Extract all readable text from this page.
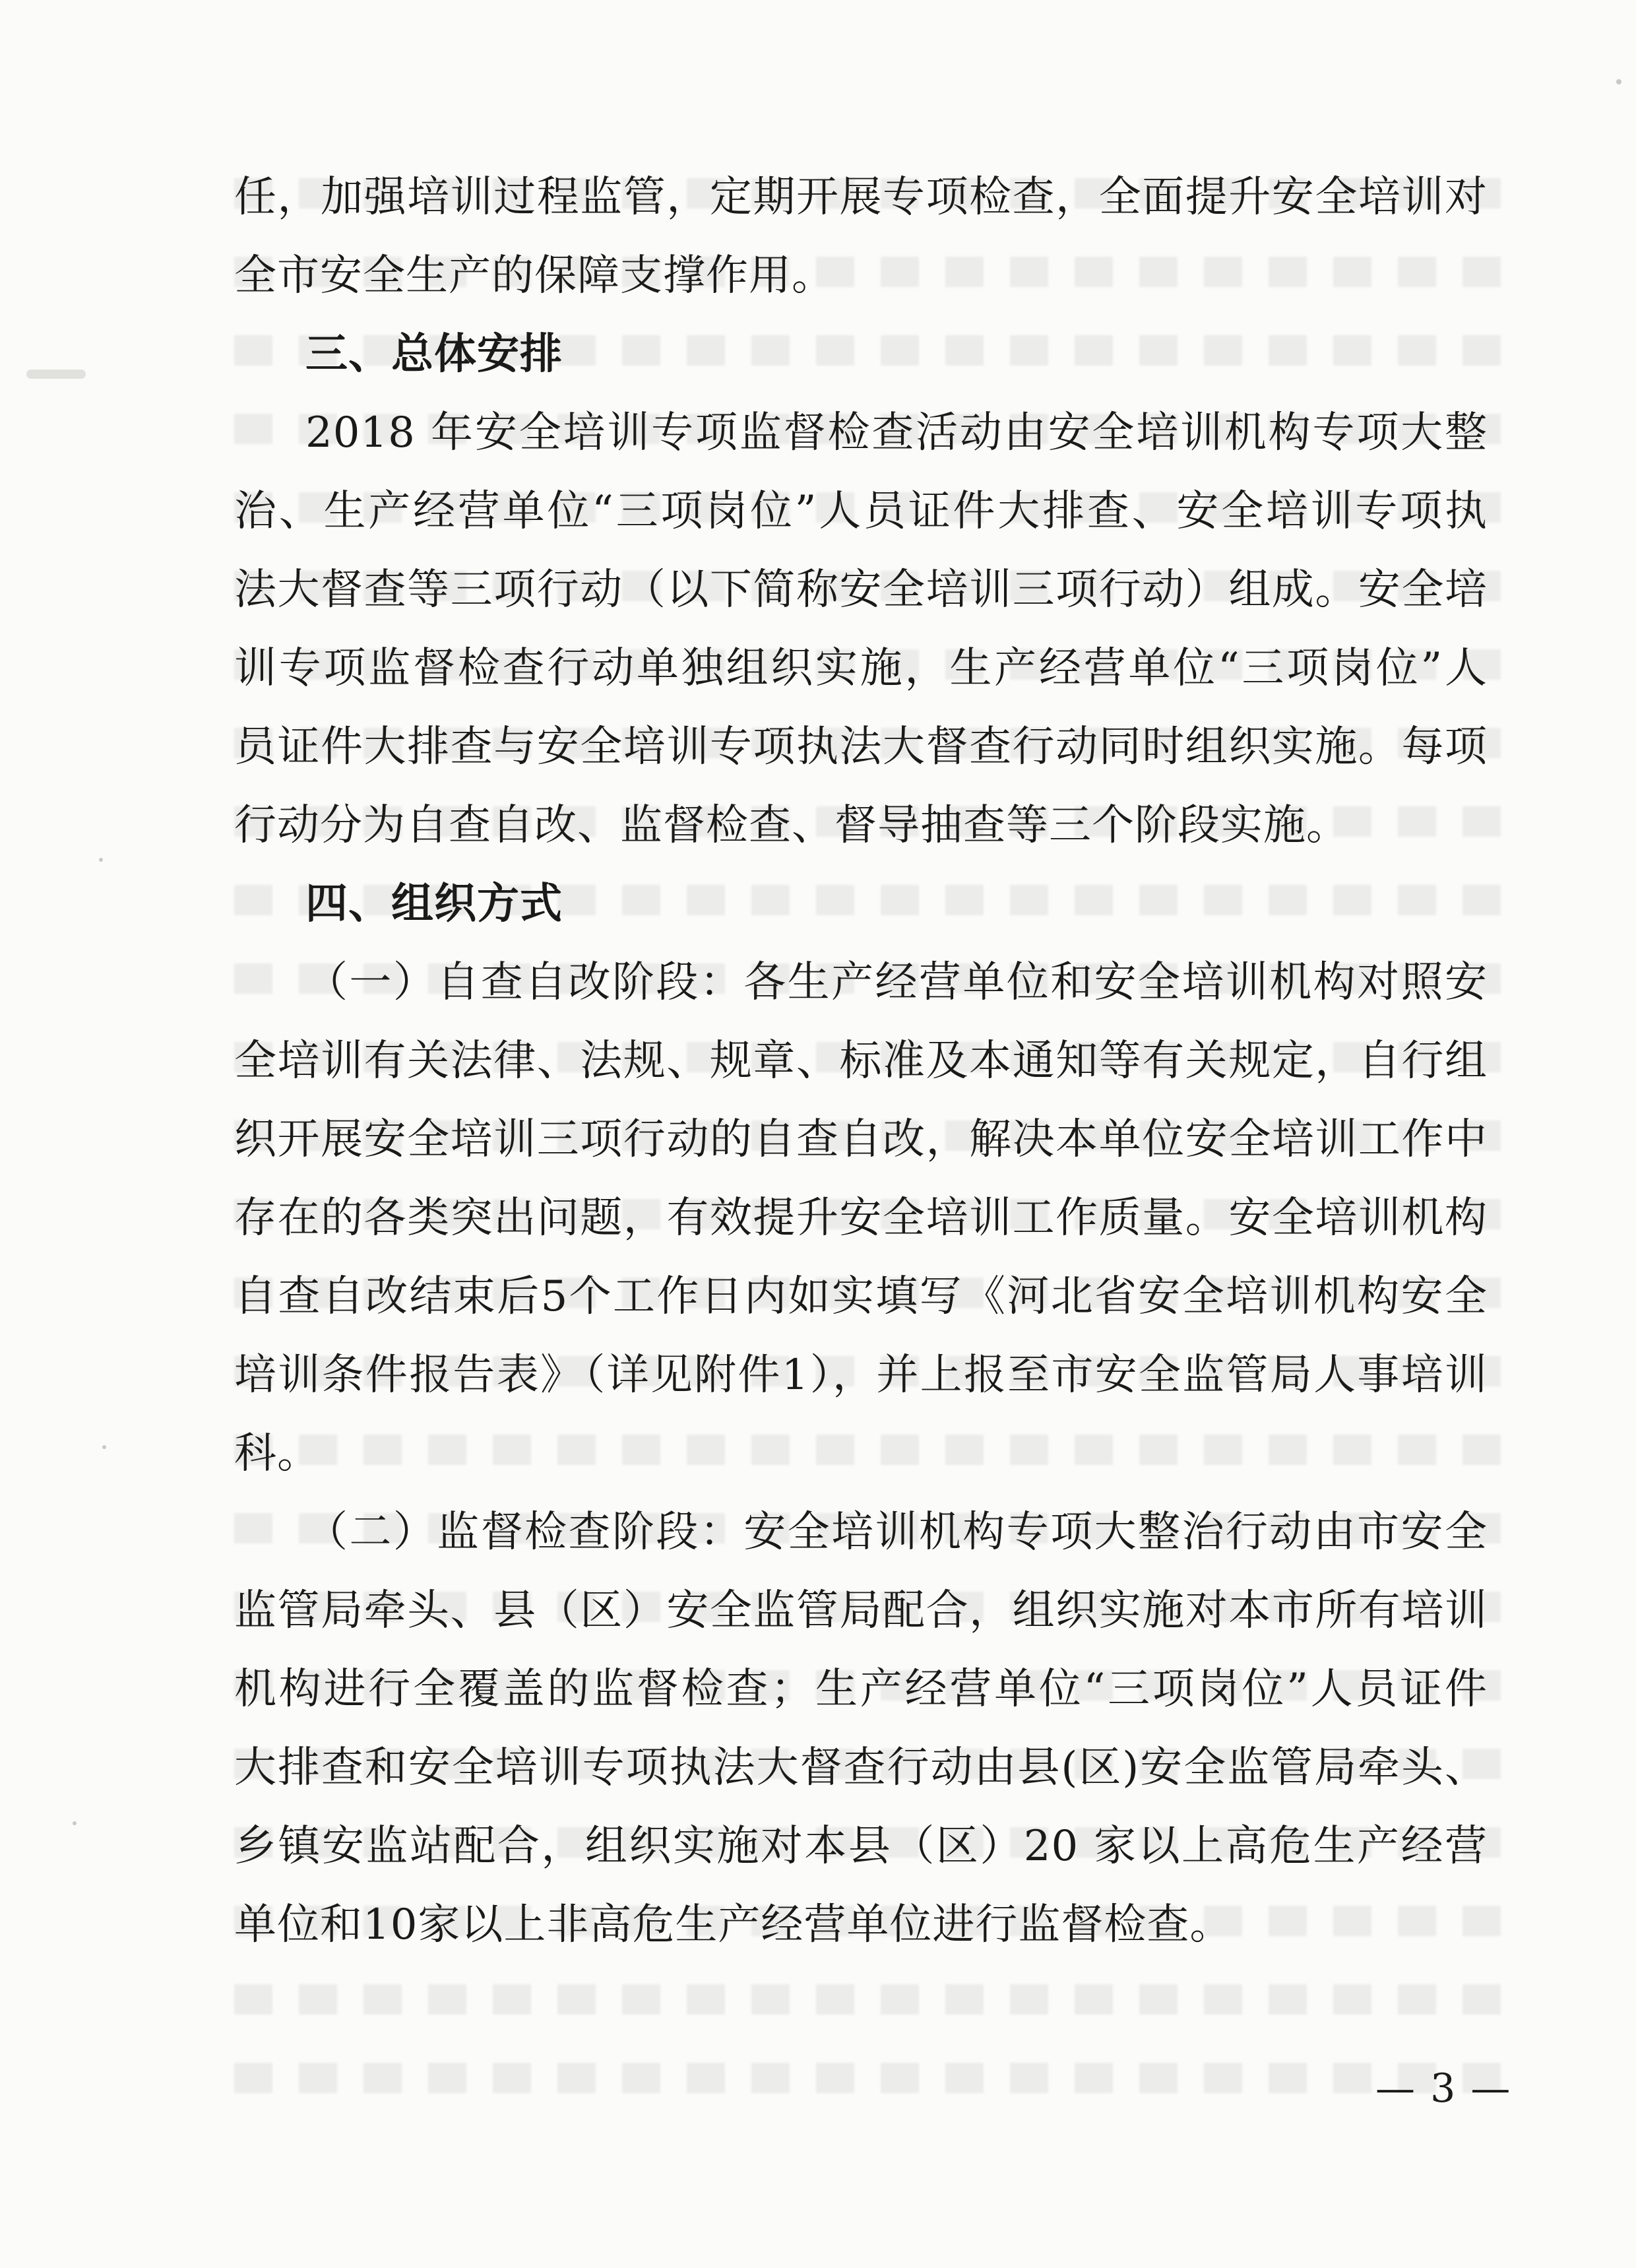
任，加强培训过程监管，定期开展专项检查，全面提升安全培训对
全市安全生产的保障支撑作用。
三、总体安排
2018 年安全培训专项监督检查活动由安全培训机构专项大整
治、生产经营单位“三项岗位”人员证件大排查、安全培训专项执
法大督查等三项行动（以下简称安全培训三项行动）组成。安全培
训专项监督检查行动单独组织实施，生产经营单位“三项岗位”人
员证件大排查与安全培训专项执法大督查行动同时组织实施。每项
行动分为自查自改、监督检查、督导抽查等三个阶段实施。
四、组织方式
（一）自查自改阶段：各生产经营单位和安全培训机构对照安
全培训有关法律、法规、规章、标准及本通知等有关规定，自行组
织开展安全培训三项行动的自查自改，解决本单位安全培训工作中
存在的各类突出问题，有效提升安全培训工作质量。安全培训机构
自查自改结束后5个工作日内如实填写《河北省安全培训机构安全
培训条件报告表》（详见附件1），并上报至市安全监管局人事培训
科。
（二）监督检查阶段：安全培训机构专项大整治行动由市安全
监管局牵头、县（区）安全监管局配合，组织实施对本市所有培训
机构进行全覆盖的监督检查；生产经营单位“三项岗位”人员证件
大排查和安全培训专项执法大督查行动由县(区)安全监管局牵头、
乡镇安监站配合，组织实施对本县（区）20 家以上高危生产经营
单位和10家以上非高危生产经营单位进行监督检查。
— 3 —
